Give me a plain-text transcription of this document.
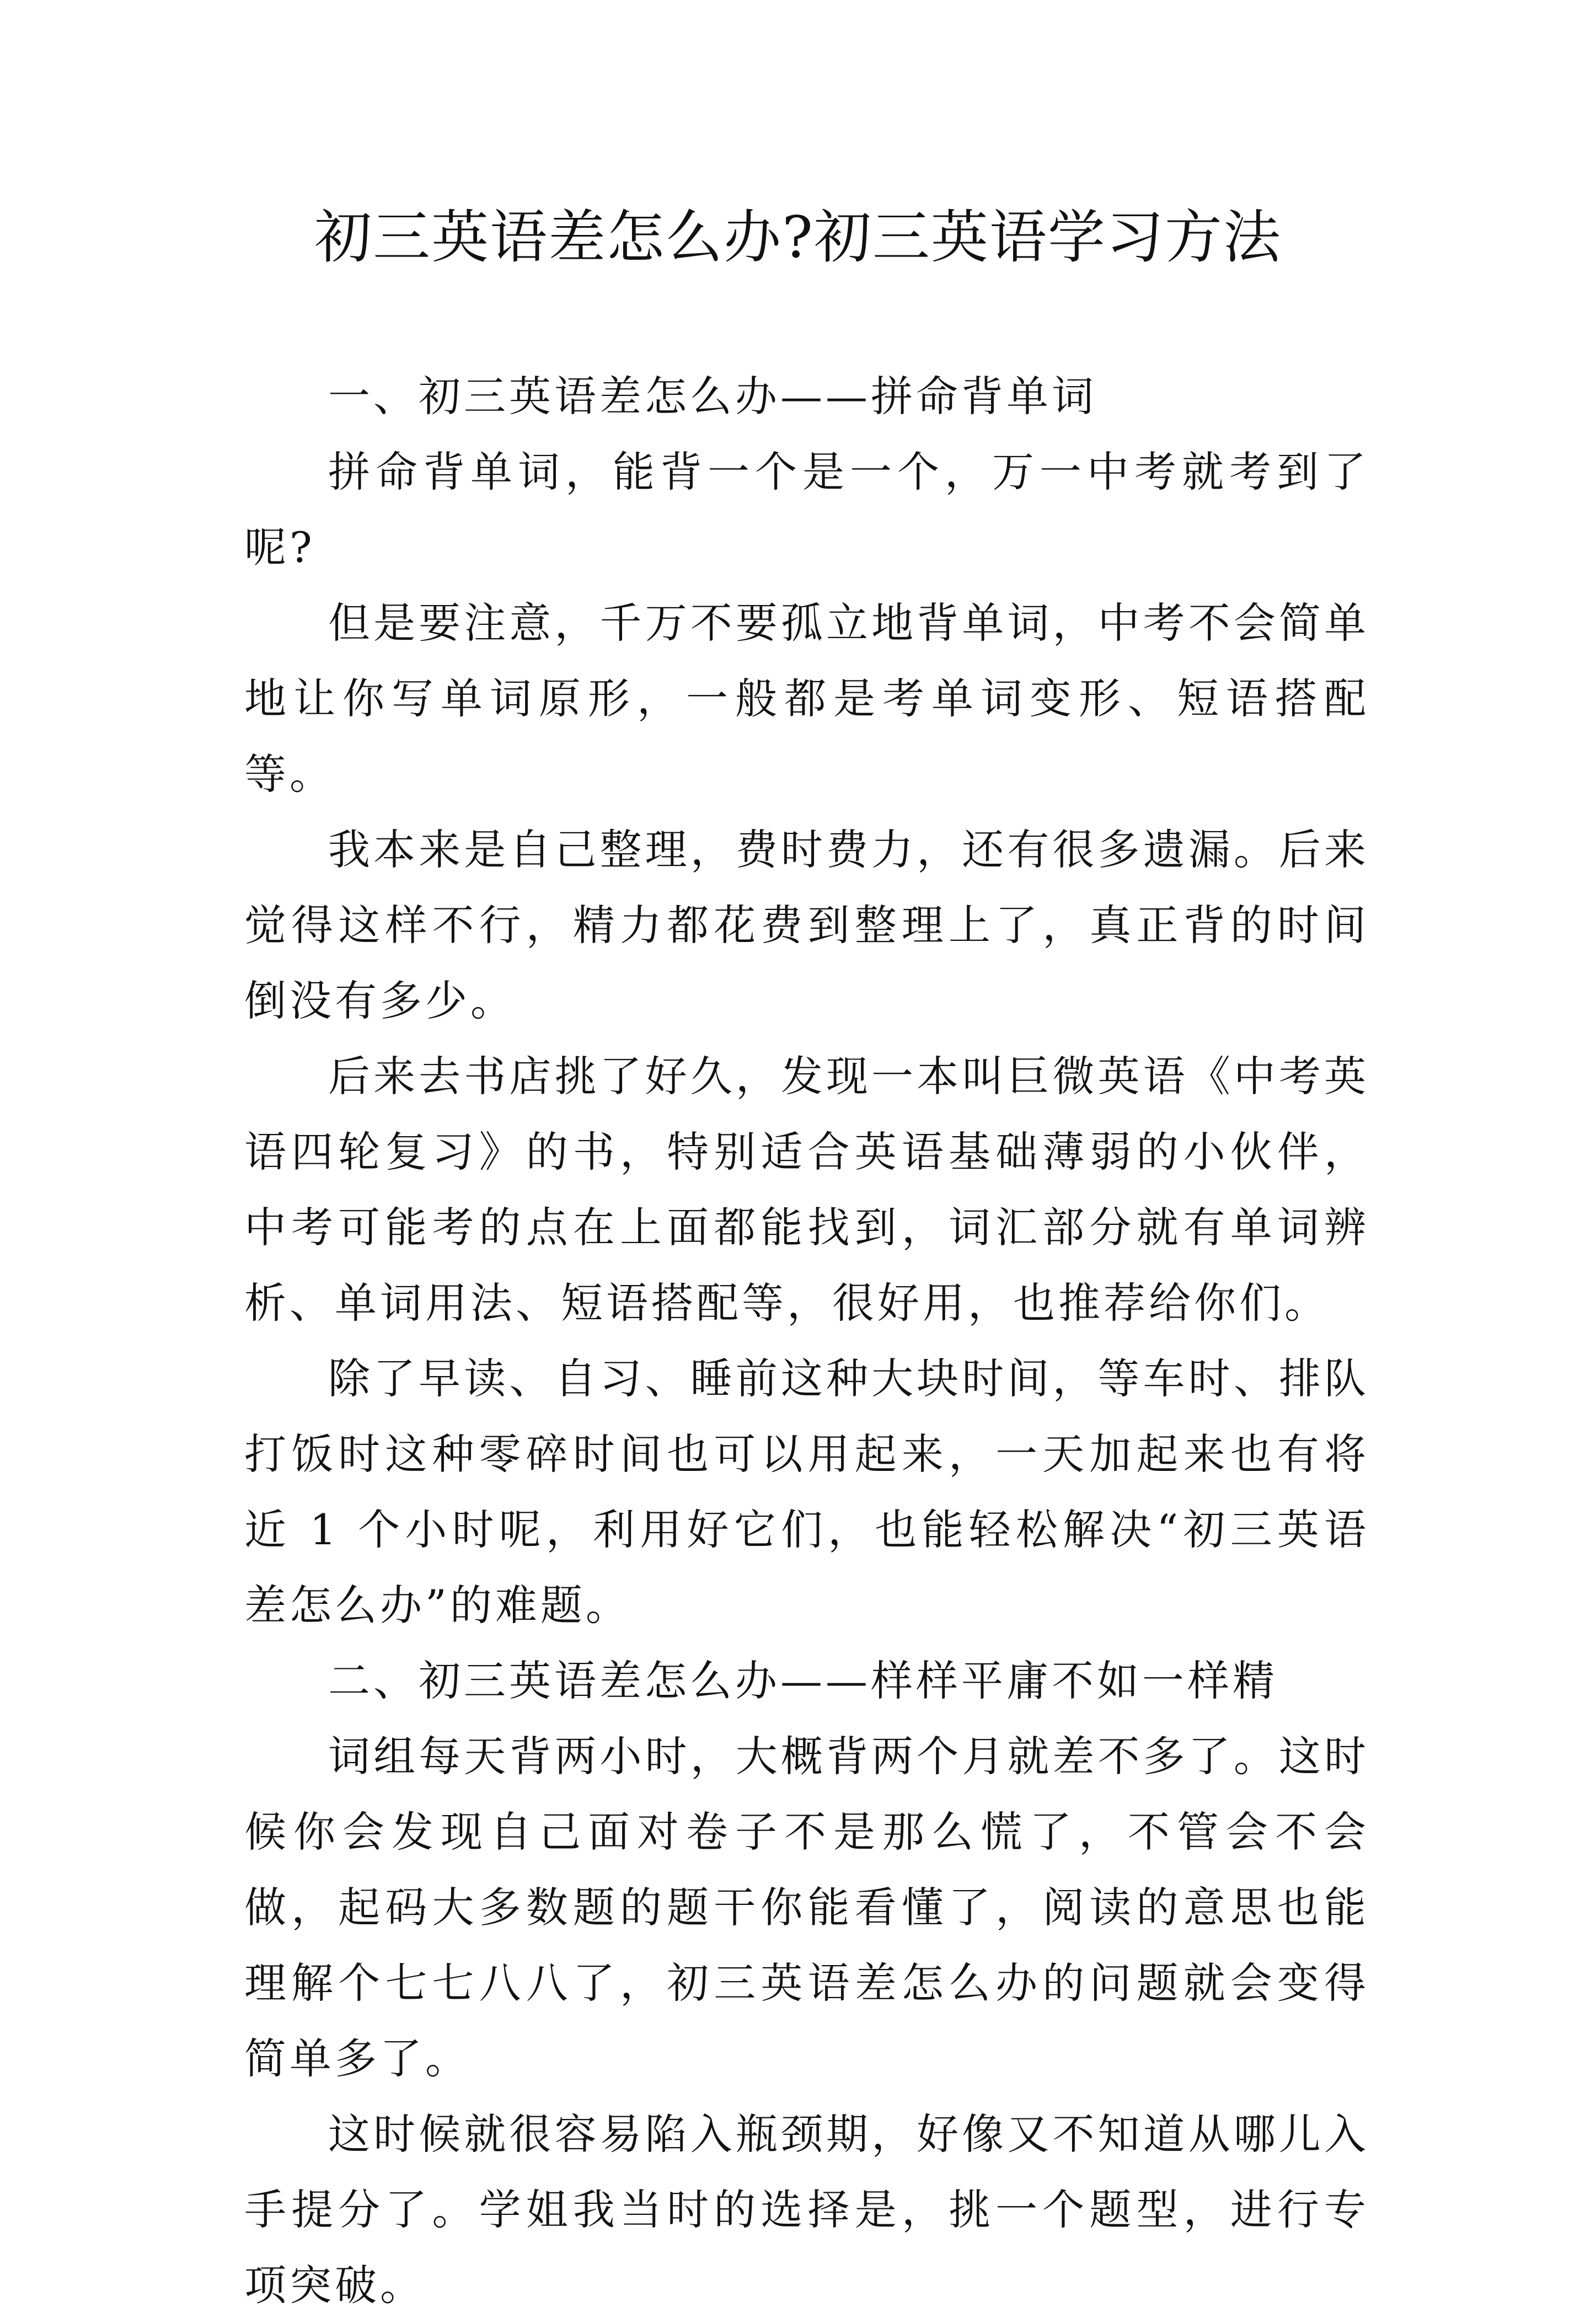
初三英语差怎么办?初三英语学习方法

一、初三英语差怎么办——拼命背单词

拼命背单词，能背一个是一个，万一中考就考到了呢?

但是要注意，千万不要孤立地背单词，中考不会简单地让你写单词原形，一般都是考单词变形、短语搭配等。

我本来是自己整理，费时费力，还有很多遗漏。后来觉得这样不行，精力都花费到整理上了，真正背的时间倒没有多少。

后来去书店挑了好久，发现一本叫巨微英语《中考英语四轮复习》的书，特别适合英语基础薄弱的小伙伴，中考可能考的点在上面都能找到，词汇部分就有单词辨析、单词用法、短语搭配等，很好用，也推荐给你们。

除了早读、自习、睡前这种大块时间，等车时、排队打饭时这种零碎时间也可以用起来，一天加起来也有将近 1 个小时呢，利用好它们，也能轻松解决“初三英语差怎么办”的难题。

二、初三英语差怎么办——样样平庸不如一样精

词组每天背两小时，大概背两个月就差不多了。这时候你会发现自己面对卷子不是那么慌了，不管会不会做，起码大多数题的题干你能看懂了，阅读的意思也能理解个七七八八了，初三英语差怎么办的问题就会变得简单多了。

这时候就很容易陷入瓶颈期，好像又不知道从哪儿入手提分了。学姐我当时的选择是，挑一个题型，进行专项突破。
